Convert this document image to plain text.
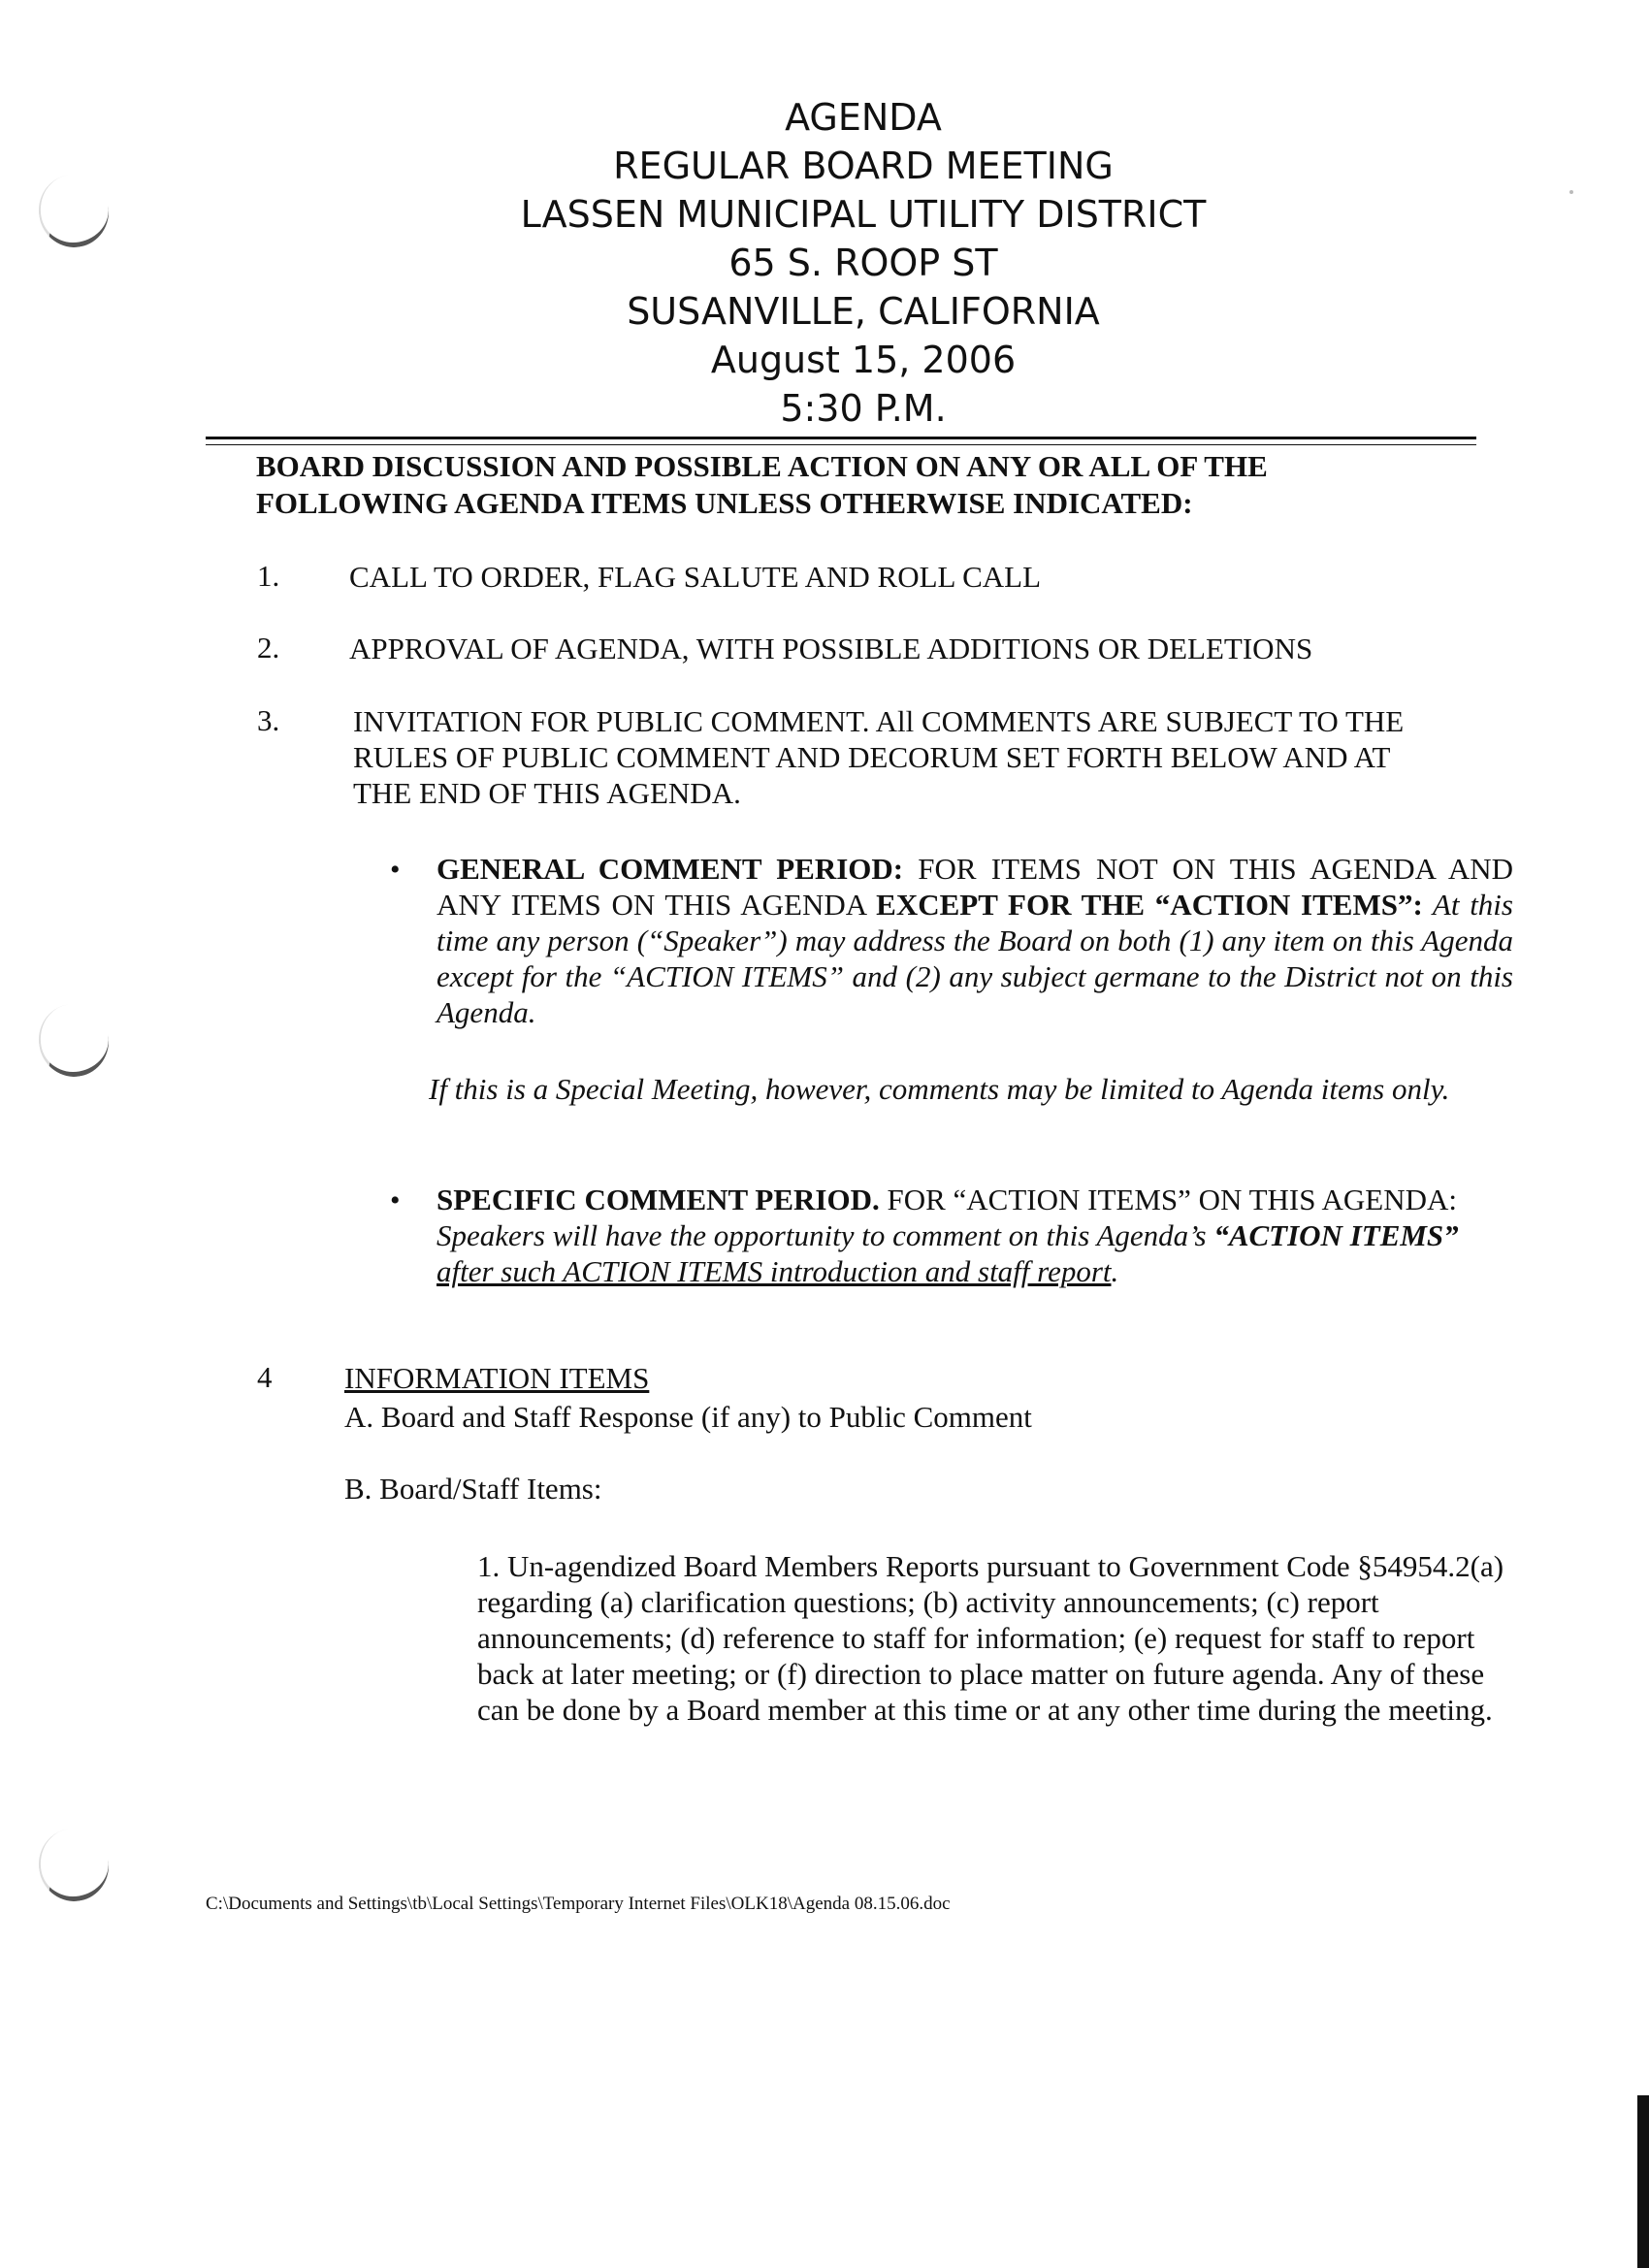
AGENDA
REGULAR BOARD MEETING
LASSEN MUNICIPAL UTILITY DISTRICT
65 S. ROOP ST
SUSANVILLE, CALIFORNIA
August 15, 2006
5:30 P.M.
BOARD DISCUSSION AND POSSIBLE ACTION ON ANY OR ALL OF THE FOLLOWING AGENDA ITEMS UNLESS OTHERWISE INDICATED:
1. CALL TO ORDER, FLAG SALUTE AND ROLL CALL
2. APPROVAL OF AGENDA, WITH POSSIBLE ADDITIONS OR DELETIONS
3. INVITATION FOR PUBLIC COMMENT. All COMMENTS ARE SUBJECT TO THE RULES OF PUBLIC COMMENT AND DECORUM SET FORTH BELOW AND AT THE END OF THIS AGENDA.
• GENERAL COMMENT PERIOD: FOR ITEMS NOT ON THIS AGENDA AND ANY ITEMS ON THIS AGENDA EXCEPT FOR THE “ACTION ITEMS”: At this time any person (“Speaker”) may address the Board on both (1) any item on this Agenda except for the “ACTION ITEMS” and (2) any subject germane to the District not on this Agenda.
If this is a Special Meeting, however, comments may be limited to Agenda items only.
• SPECIFIC COMMENT PERIOD. FOR “ACTION ITEMS” ON THIS AGENDA: Speakers will have the opportunity to comment on this Agenda’s “ACTION ITEMS” after such ACTION ITEMS introduction and staff report.
4 INFORMATION ITEMS
A. Board and Staff Response (if any) to Public Comment
B. Board/Staff Items:
1. Un-agendized Board Members Reports pursuant to Government Code §54954.2(a) regarding (a) clarification questions; (b) activity announcements; (c) report announcements; (d) reference to staff for information; (e) request for staff to report back at later meeting; or (f) direction to place matter on future agenda. Any of these can be done by a Board member at this time or at any other time during the meeting.
C:\Documents and Settings\tb\Local Settings\Temporary Internet Files\OLK18\Agenda 08.15.06.doc
